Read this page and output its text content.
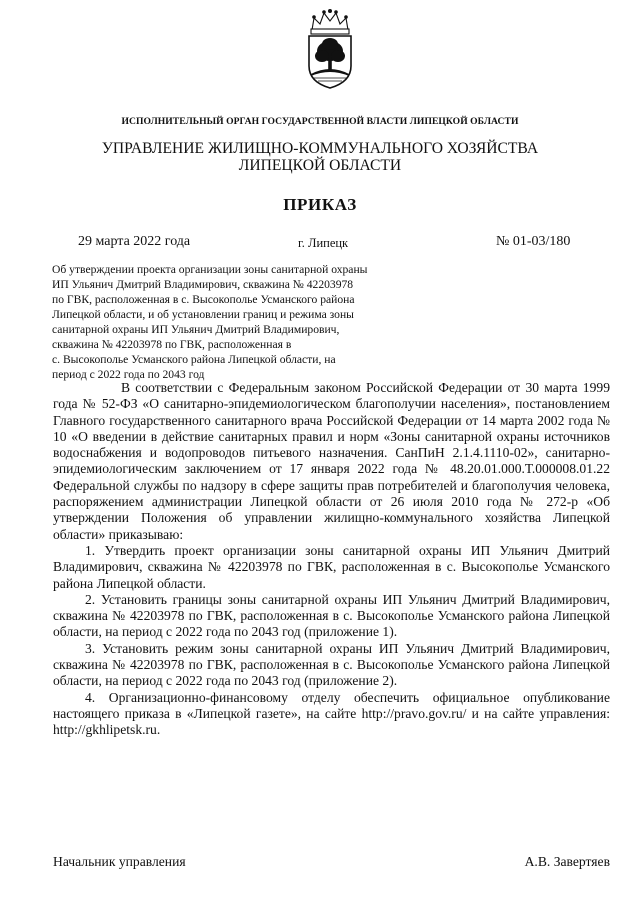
ИСПОЛНИТЕЛЬНЫЙ ОРГАН ГОСУДАРСТВЕННОЙ ВЛАСТИ ЛИПЕЦКОЙ ОБЛАСТИ
УПРАВЛЕНИЕ ЖИЛИЩНО-КОММУНАЛЬНОГО ХОЗЯЙСТВА
ЛИПЕЦКОЙ ОБЛАСТИ
ПРИКАЗ
29 марта 2022 года	г. Липецк	№ 01-03/180
Об утверждении проекта организации зоны санитарной охраны
ИП Ульянич Дмитрий Владимирович, скважина № 42203978
по ГВК, расположенная в с. Высокополье Усманского района
Липецкой области, и об установлении границ и режима зоны
санитарной охраны ИП Ульянич Дмитрий Владимирович,
скважина № 42203978 по ГВК, расположенная в
с. Высокополье Усманского района Липецкой области, на
период с 2022 года по 2043 год

В соответствии с Федеральным законом Российской Федерации от 30 марта 1999 года № 52-ФЗ «О санитарно-эпидемиологическом благополучии населения», постановлением Главного государственного санитарного врача Российской Федерации от 14 марта 2002 года № 10 «О введении в действие санитарных правил и норм «Зоны санитарной охраны источников водоснабжения и водопроводов питьевого назначения. СанПиН 2.1.4.1110-02», санитарно-эпидемиологическим заключением от 17 января 2022 года № 48.20.01.000.Т.000008.01.22 Федеральной службы по надзору в сфере защиты прав потребителей и благополучия человека, распоряжением администрации Липецкой области от 26 июля 2010 года № 272-р «Об утверждении Положения об управлении жилищно-коммунального хозяйства Липецкой области» приказываю:

1. Утвердить проект организации зоны санитарной охраны ИП Ульянич Дмитрий Владимирович, скважина № 42203978 по ГВК, расположенная в с. Высокополье Усманского района Липецкой области.

2. Установить границы зоны санитарной охраны ИП Ульянич Дмитрий Владимирович, скважина № 42203978 по ГВК, расположенная в с. Высокополье Усманского района Липецкой области, на период с 2022 года по 2043 год (приложение 1).

3. Установить режим зоны санитарной охраны ИП Ульянич Дмитрий Владимирович, скважина № 42203978 по ГВК, расположенная в с. Высокополье Усманского района Липецкой области, на период с 2022 года по 2043 год (приложение 2).

4. Организационно-финансовому отделу обеспечить официальное опубликование настоящего приказа в «Липецкой газете», на сайте http://pravo.gov.ru/ и на сайте управления: http://gkhlipetsk.ru.

Начальник управления	А.В. Завертяев
